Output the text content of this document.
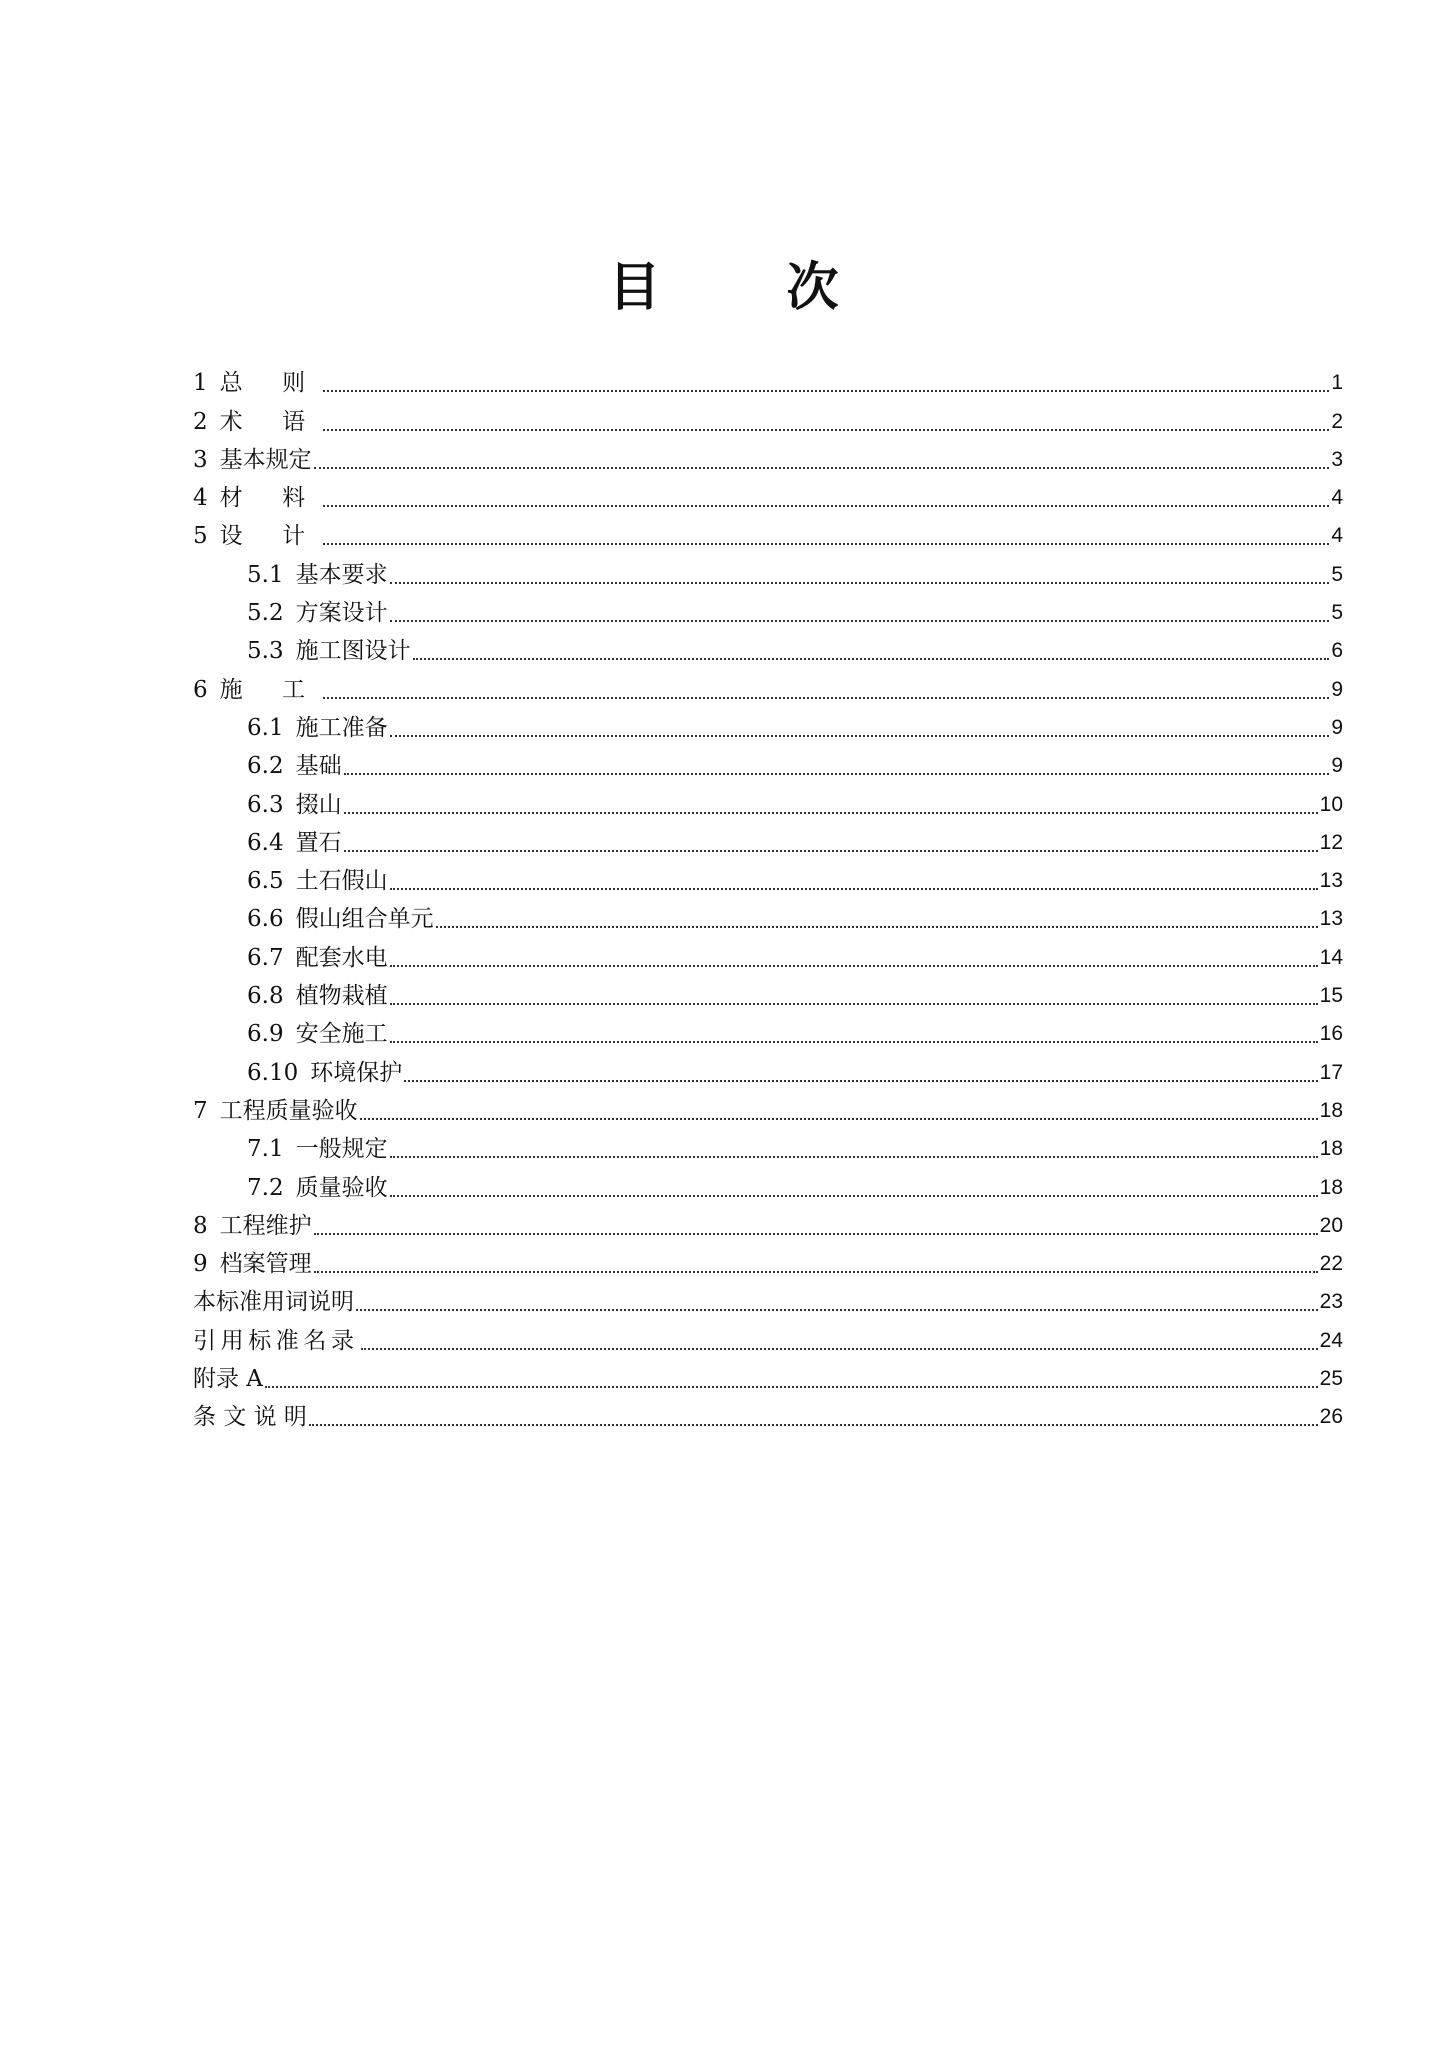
目 次
1 总 则	1
2 术 语	2
3 基本规定	3
4 材 料	4
5 设 计	4
5.1 基本要求	5
5.2 方案设计	5
5.3 施工图设计	6
6 施 工	9
6.1 施工准备	9
6.2 基础	9
6.3 掇山	10
6.4 置石	12
6.5 土石假山	13
6.6 假山组合单元	13
6.7 配套水电	14
6.8 植物栽植	15
6.9 安全施工	16
6.10 环境保护	17
7 工程质量验收	18
7.1 一般规定	18
7.2 质量验收	18
8 工程维护	20
9 档案管理	22
本标准用词说明	23
引用标准名录	24
附录 A	25
条 文 说 明	26
